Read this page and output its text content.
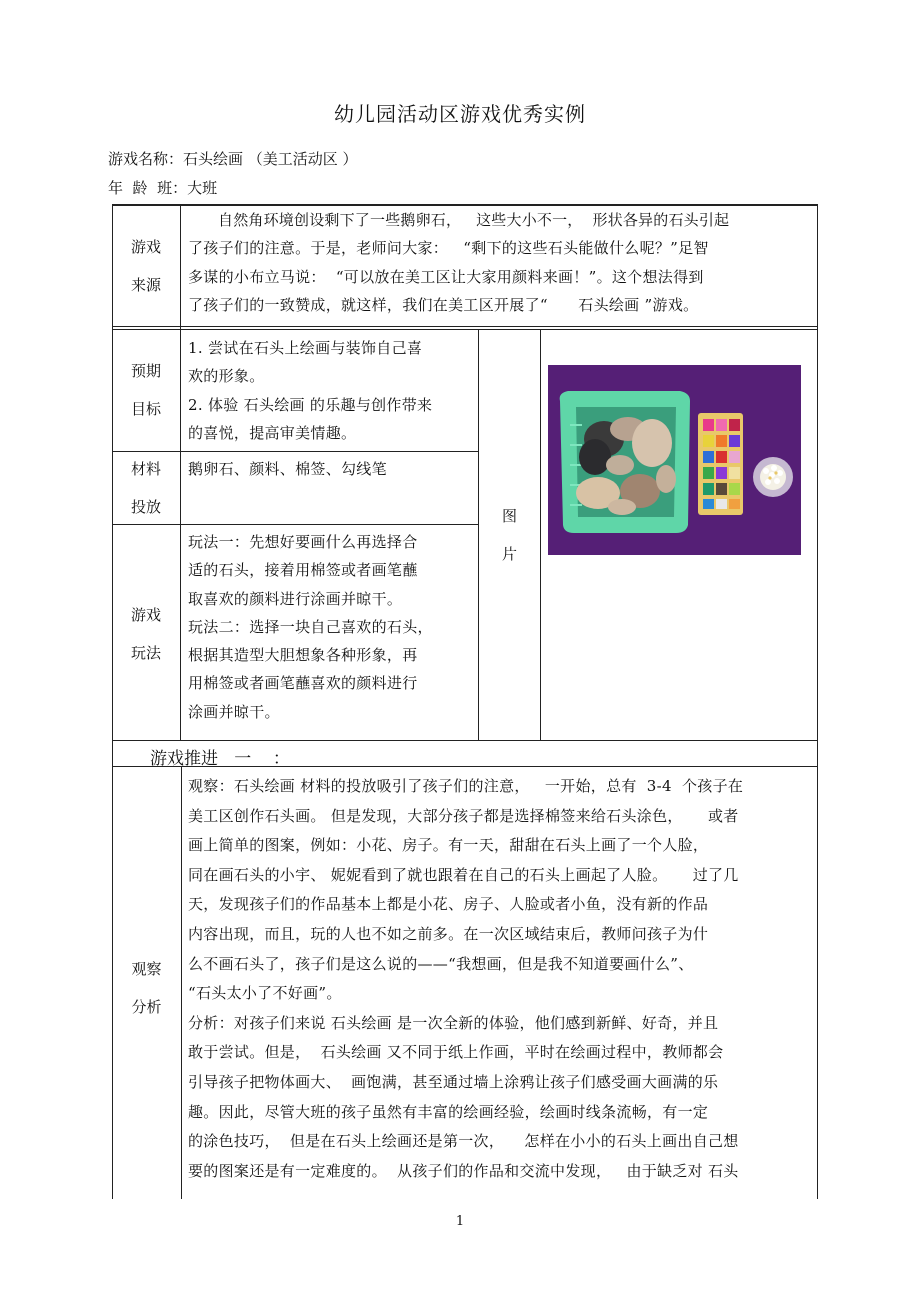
幼儿园活动区游戏优秀实例
游戏名称：石头绘画 （美工活动区 ）
年  龄  班：大班
游戏
来源
自然角环境创设剩下了一些鹅卵石，   这些大小不一，  形状各异的石头引起
了孩子们的注意。于是，老师问大家：   “剩下的这些石头能做什么呢？”足智
多谋的小布立马说：  “可以放在美工区让大家用颜料来画！”。这个想法得到
了孩子们的一致赞成，就这样，我们在美工区开展了“      石头绘画 ”游戏。
预期
目标
1. 尝试在石头上绘画与装饰自己喜
欢的形象。
2. 体验 石头绘画 的乐趣与创作带来
的喜悦，提高审美情趣。
材料
投放
鹅卵石、颜料、棉签、勾线笔
游戏
玩法
玩法一：先想好要画什么再选择合
适的石头，接着用棉签或者画笔蘸
取喜欢的颜料进行涂画并晾干。
玩法二：选择一块自己喜欢的石头，
根据其造型大胆想象各种形象，再
用棉签或者画笔蘸喜欢的颜料进行
涂画并晾干。
图
片
游戏推进   一    ：
观察
分析
观察：石头绘画 材料的投放吸引了孩子们的注意，   一开始，总有  3-4  个孩子在
美工区创作石头画。 但是发现，大部分孩子都是选择棉签来给石头涂色，     或者
画上简单的图案，例如：小花、房子。有一天，甜甜在石头上画了一个人脸，
同在画石头的小宇、 妮妮看到了就也跟着在自己的石头上画起了人脸。     过了几
天，发现孩子们的作品基本上都是小花、房子、人脸或者小鱼，没有新的作品
内容出现，而且，玩的人也不如之前多。在一次区域结束后，教师问孩子为什
么不画石头了，孩子们是这么说的——“我想画，但是我不知道要画什么”、
“石头太小了不好画”。
分析：对孩子们来说 石头绘画 是一次全新的体验，他们感到新鲜、好奇，并且
敢于尝试。但是，  石头绘画 又不同于纸上作画，平时在绘画过程中，教师都会
引导孩子把物体画大、  画饱满，甚至通过墙上涂鸦让孩子们感受画大画满的乐
趣。因此，尽管大班的孩子虽然有丰富的绘画经验，绘画时线条流畅，有一定
的涂色技巧，  但是在石头上绘画还是第一次，    怎样在小小的石头上画出自己想
要的图案还是有一定难度的。  从孩子们的作品和交流中发现，   由于缺乏对 石头
1
